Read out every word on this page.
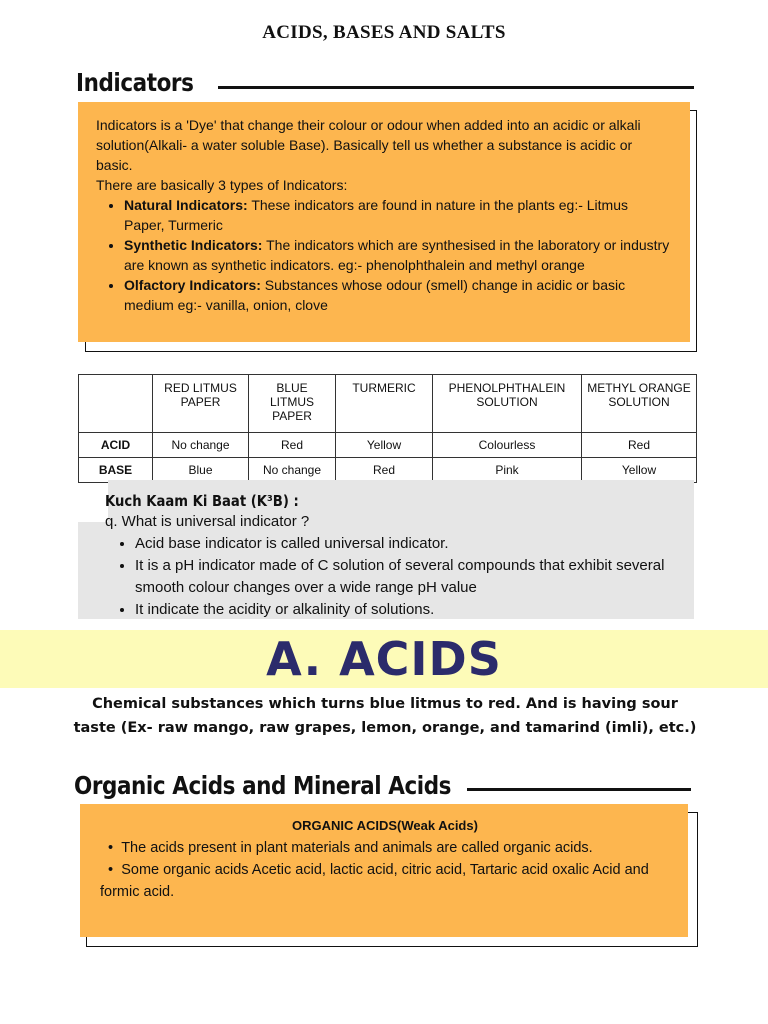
ACIDS, BASES AND SALTS
Indicators
Indicators is a 'Dye' that change their colour or odour when added into an acidic or alkali solution(Alkali- a water soluble Base). Basically tell us whether a substance is acidic or basic.
There are basically 3 types of Indicators:
• Natural Indicators: These indicators are found in nature in the plants eg:- Litmus Paper, Turmeric
• Synthetic Indicators: The indicators which are synthesised in the laboratory or industry are known as synthetic indicators. eg:- phenolphthalein and methyl orange
• Olfactory Indicators: Substances whose odour (smell) change in acidic or basic medium eg:- vanilla, onion, clove
	RED LITMUS PAPER	BLUE LITMUS PAPER	TURMERIC	PHENOLPHTHALEIN SOLUTION	METHYL ORANGE SOLUTION
ACID	No change	Red	Yellow	Colourless	Red
BASE	Blue	No change	Red	Pink	Yellow
Kuch Kaam Ki Baat (K³B) :
q. What is universal indicator ?
• Acid base indicator is called universal indicator.
• It is a pH indicator made of C solution of several compounds that exhibit several smooth colour changes over a wide range pH value
• It indicate the acidity or alkalinity of solutions.
A. ACIDS
Chemical substances which turns blue litmus to red. And is having sour taste (Ex- raw mango, raw grapes, lemon, orange, and tamarind (imli), etc.)
Organic Acids and Mineral Acids
ORGANIC ACIDS(Weak Acids)
•  The acids present in plant materials and animals are called organic acids.
•  Some organic acids Acetic acid, lactic acid, citric acid, Tartaric acid oxalic Acid and formic acid.
